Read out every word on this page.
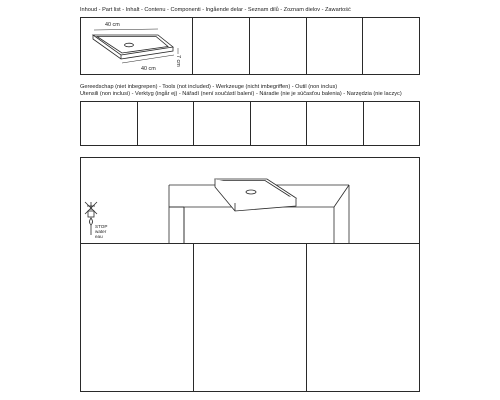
Inhoud - Part list - Inhalt - Contenu - Componenti - Ingående delar - Seznam dilů - Zoznam dielov - Zawartość
40 cm
7 cm
40 cm
Gereedschap (niet inbegrepen) - Tools (not included) - Werkzeuge (nicht imbegriffen) - Outil (non inclus)
Utensili (non inclusi) - Verktyg (ingår ej) - Nářadí (není součástí balení) - Náradie (nie je súčasťou balenia) - Narzędzia (nie laczyc)
STOP
water
eau
